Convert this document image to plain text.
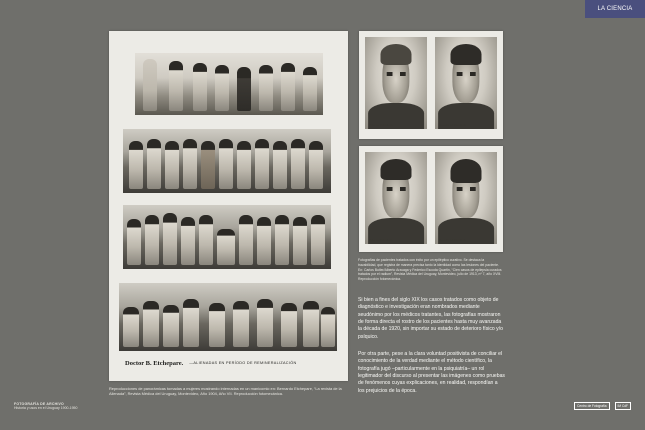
LA CIENCIA
Doctor B. Etchepare. —ALIENADAS EN PERÍODO DE REMINERALIZACIÓN
Reproducciones de panorámicas tomadas a mujeres mostrando internadas en un manicomio en: Bernardo Etchepare, “La revista de la Alienada”, Revista Médica del Uruguay, Montevideo, Año 1904, Año VII. Reproducción fotomecánica.
Antes del tratamiento	Después del tratamiento
Antes del tratamiento	Después del tratamiento
Fotografías de pacientes tratados con éxito por un epiléptico curativo. Se destaca la trazabilidad, que registra de manera precisa tanto la identidad como las lesiones del paciente. En: Carlos Butler/Alberto Arzuaga y Federico Escoda Quartin, “Cien casos de epilepsia curados tratados por el radium”, Revista Médica del Uruguay, Montevideo, julio de 1913, nº 7, año XVIII. Reproducción fotomecánica.
Si bien a fines del siglo XIX los casos tratados como objeto de diagnóstico e investigación eran nombrados mediante seudónimo por los médicos tratantes, las fotografías mostraron de forma directa el rostro de los pacientes hasta muy avanzada la década de 1920, sin importar su estado de deterioro físico y/o psíquico.
Por otra parte, pese a la clara voluntad positivista de conciliar el conocimiento de la verdad mediante el método científico, la fotografía jugó –particularmente en la psiquiatría– un rol legitimador del discurso al presentar las imágenes como pruebas de fenómenos cuyas explicaciones, en realidad, respondían a los prejuicios de la época.
FOTOGRAFÍA DE ARCHIVO
Historia y usos en el Uruguay 1900-1950
Centro de Fotografía	IM CdF
